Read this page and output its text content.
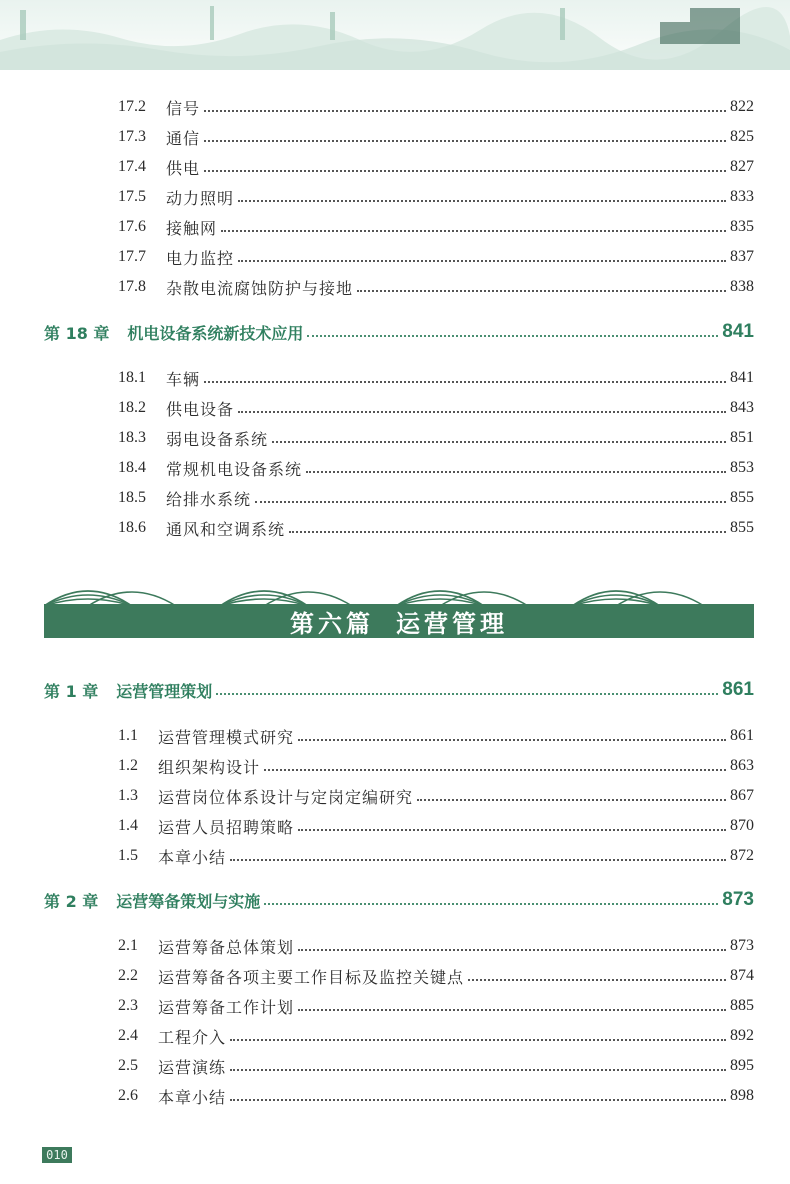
17.2	信号	822
17.3	通信	825
17.4	供电	827
17.5	动力照明	833
17.6	接触网	835
17.7	电力监控	837
17.8	杂散电流腐蚀防护与接地	838
第 18 章 机电设备系统新技术应用	841
18.1	车辆	841
18.2	供电设备	843
18.3	弱电设备系统	851
18.4	常规机电设备系统	853
18.5	给排水系统	855
18.6	通风和空调系统	855
第六篇 运营管理
第 1 章 运营管理策划	861
1.1	运营管理模式研究	861
1.2	组织架构设计	863
1.3	运营岗位体系设计与定岗定编研究	867
1.4	运营人员招聘策略	870
1.5	本章小结	872
第 2 章 运营筹备策划与实施	873
2.1	运营筹备总体策划	873
2.2	运营筹备各项主要工作目标及监控关键点	874
2.3	运营筹备工作计划	885
2.4	工程介入	892
2.5	运营演练	895
2.6	本章小结	898
010
